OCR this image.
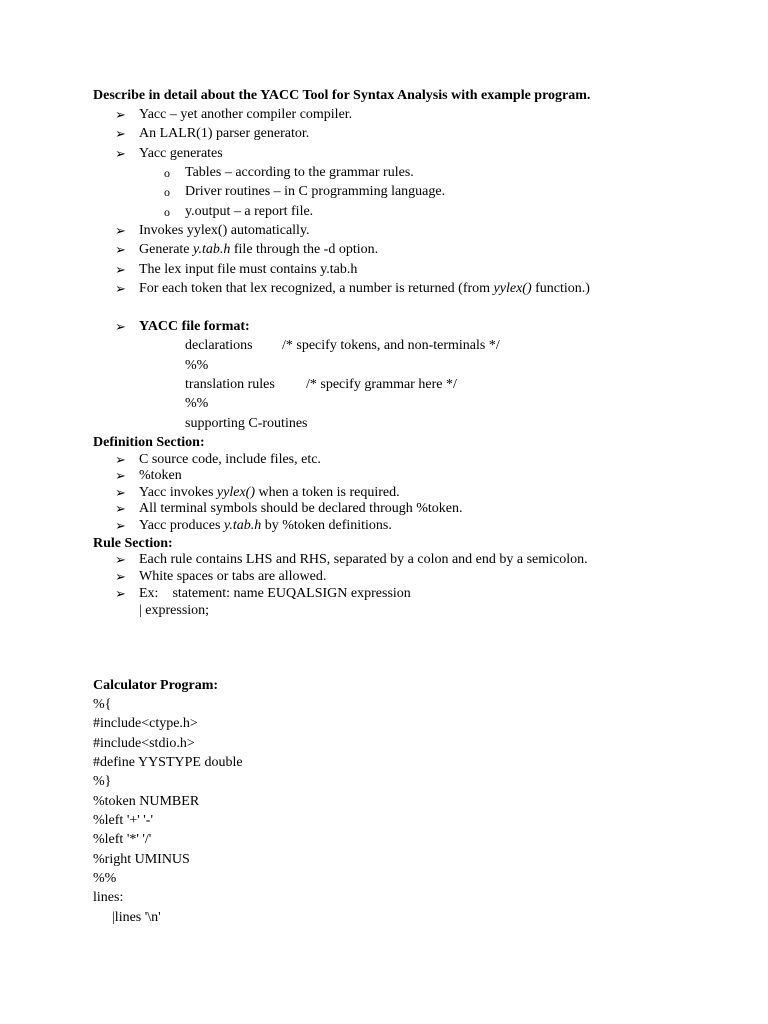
Describe in detail about the YACC Tool for Syntax Analysis with example program.
➢ Yacc – yet another compiler compiler.
➢ An LALR(1) parser generator.
➢ Yacc generates
o Tables – according to the grammar rules.
o Driver routines – in C programming language.
o y.output – a report file.
➢ Invokes yylex() automatically.
➢ Generate y.tab.h file through the -d option.
➢ The lex input file must contains y.tab.h
➢ For each token that lex recognized, a number is returned (from yylex() function.)
➢ YACC file format:
declarations /* specify tokens, and non-terminals */
%%
translation rules /* specify grammar here */
%%
supporting C-routines
Definition Section:
➢ C source code, include files, etc.
➢ %token
➢ Yacc invokes yylex() when a token is required.
➢ All terminal symbols should be declared through %token.
➢ Yacc produces y.tab.h by %token definitions.
Rule Section:
➢ Each rule contains LHS and RHS, separated by a colon and end by a semicolon.
➢ White spaces or tabs are allowed.
➢ Ex:    statement: name EUQALSIGN expression
| expression;
Calculator Program:
%{
#include<ctype.h>
#include<stdio.h>
#define YYSTYPE double
%}
%token NUMBER
%left '+' '-'
%left '*' '/'
%right UMINUS
%%
lines:
|lines '\n'
